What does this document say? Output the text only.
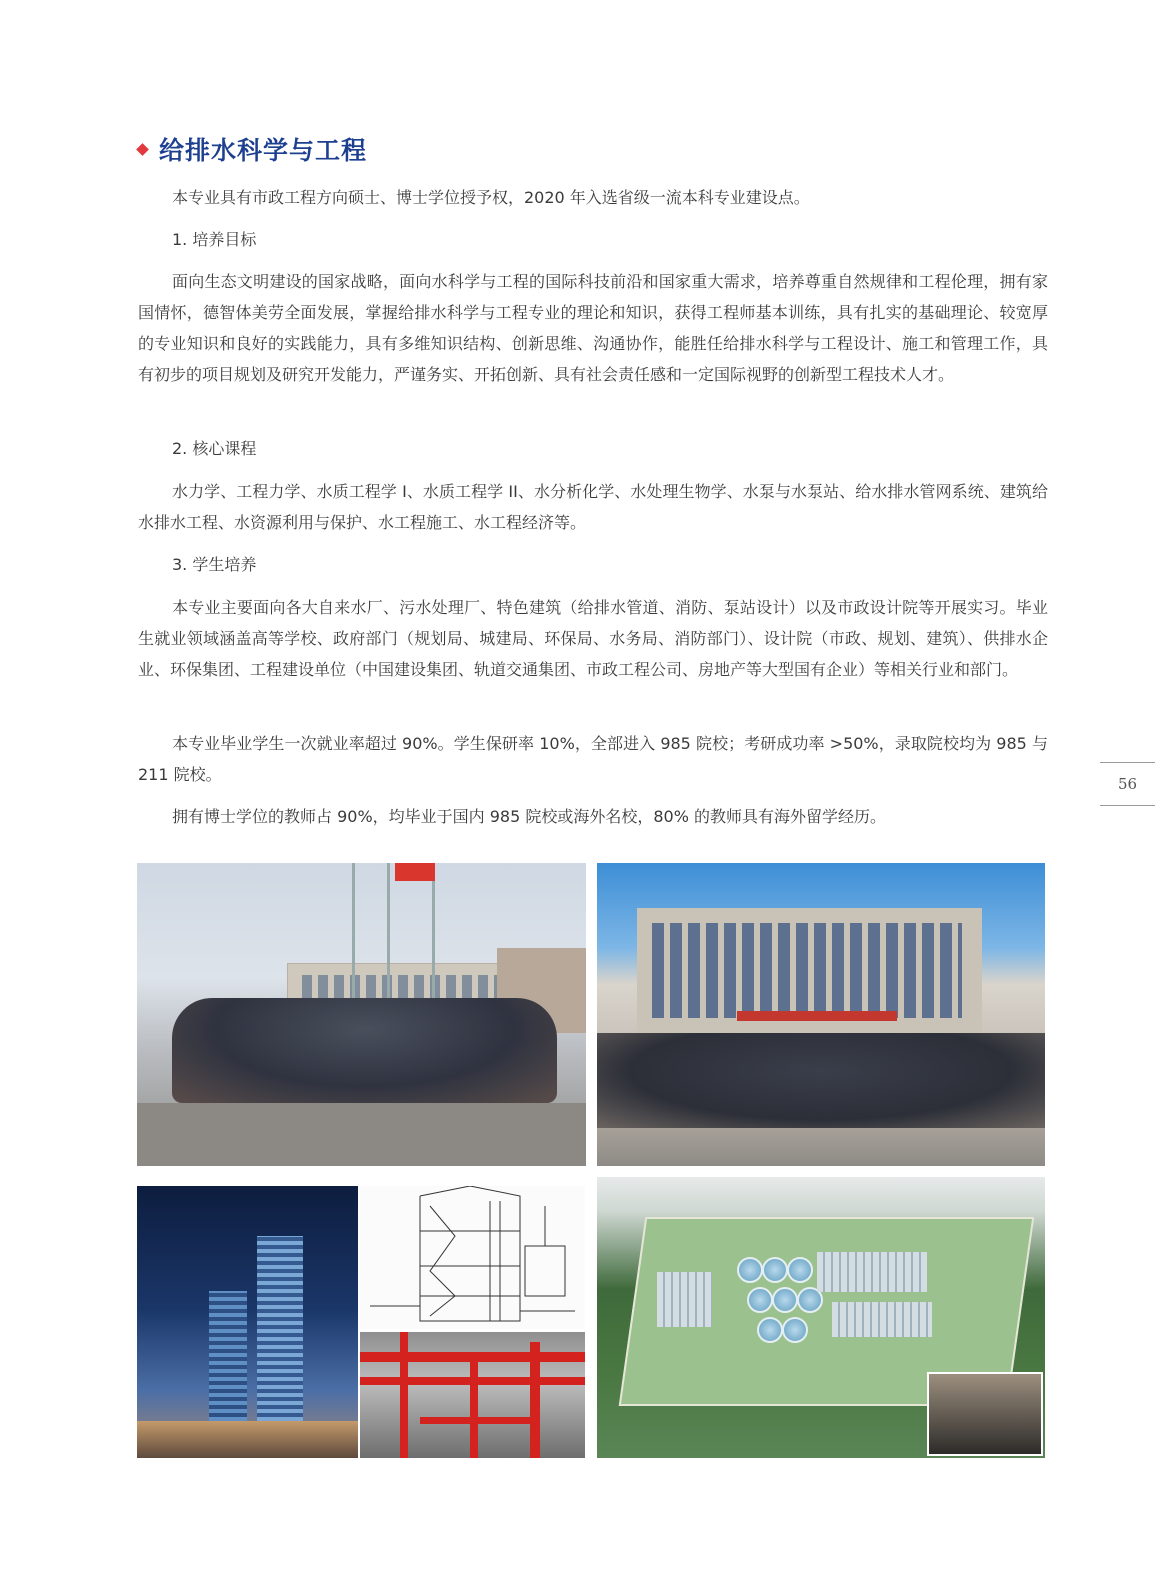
给排水科学与工程

本专业具有市政工程方向硕士、博士学位授予权，2020 年入选省级一流本科专业建设点。

1. 培养目标

面向生态文明建设的国家战略，面向水科学与工程的国际科技前沿和国家重大需求，培养尊重自然规律和工程伦理，拥有家国情怀，德智体美劳全面发展，掌握给排水科学与工程专业的理论和知识，获得工程师基本训练，具有扎实的基础理论、较宽厚的专业知识和良好的实践能力，具有多维知识结构、创新思维、沟通协作，能胜任给排水科学与工程设计、施工和管理工作，具有初步的项目规划及研究开发能力，严谨务实、开拓创新、具有社会责任感和一定国际视野的创新型工程技术人才。

2. 核心课程

水力学、工程力学、水质工程学 I、水质工程学 II、水分析化学、水处理生物学、水泵与水泵站、给水排水管网系统、建筑给水排水工程、水资源利用与保护、水工程施工、水工程经济等。

3. 学生培养

本专业主要面向各大自来水厂、污水处理厂、特色建筑（给排水管道、消防、泵站设计）以及市政设计院等开展实习。毕业生就业领域涵盖高等学校、政府部门（规划局、城建局、环保局、水务局、消防部门）、设计院（市政、规划、建筑）、供排水企业、环保集团、工程建设单位（中国建设集团、轨道交通集团、市政工程公司、房地产等大型国有企业）等相关行业和部门。

本专业毕业学生一次就业率超过 90%。学生保研率 10%，全部进入 985 院校；考研成功率 >50%，录取院校均为 985 与 211 院校。

拥有博士学位的教师占 90%，均毕业于国内 985 院校或海外名校，80% 的教师具有海外留学经历。

56
